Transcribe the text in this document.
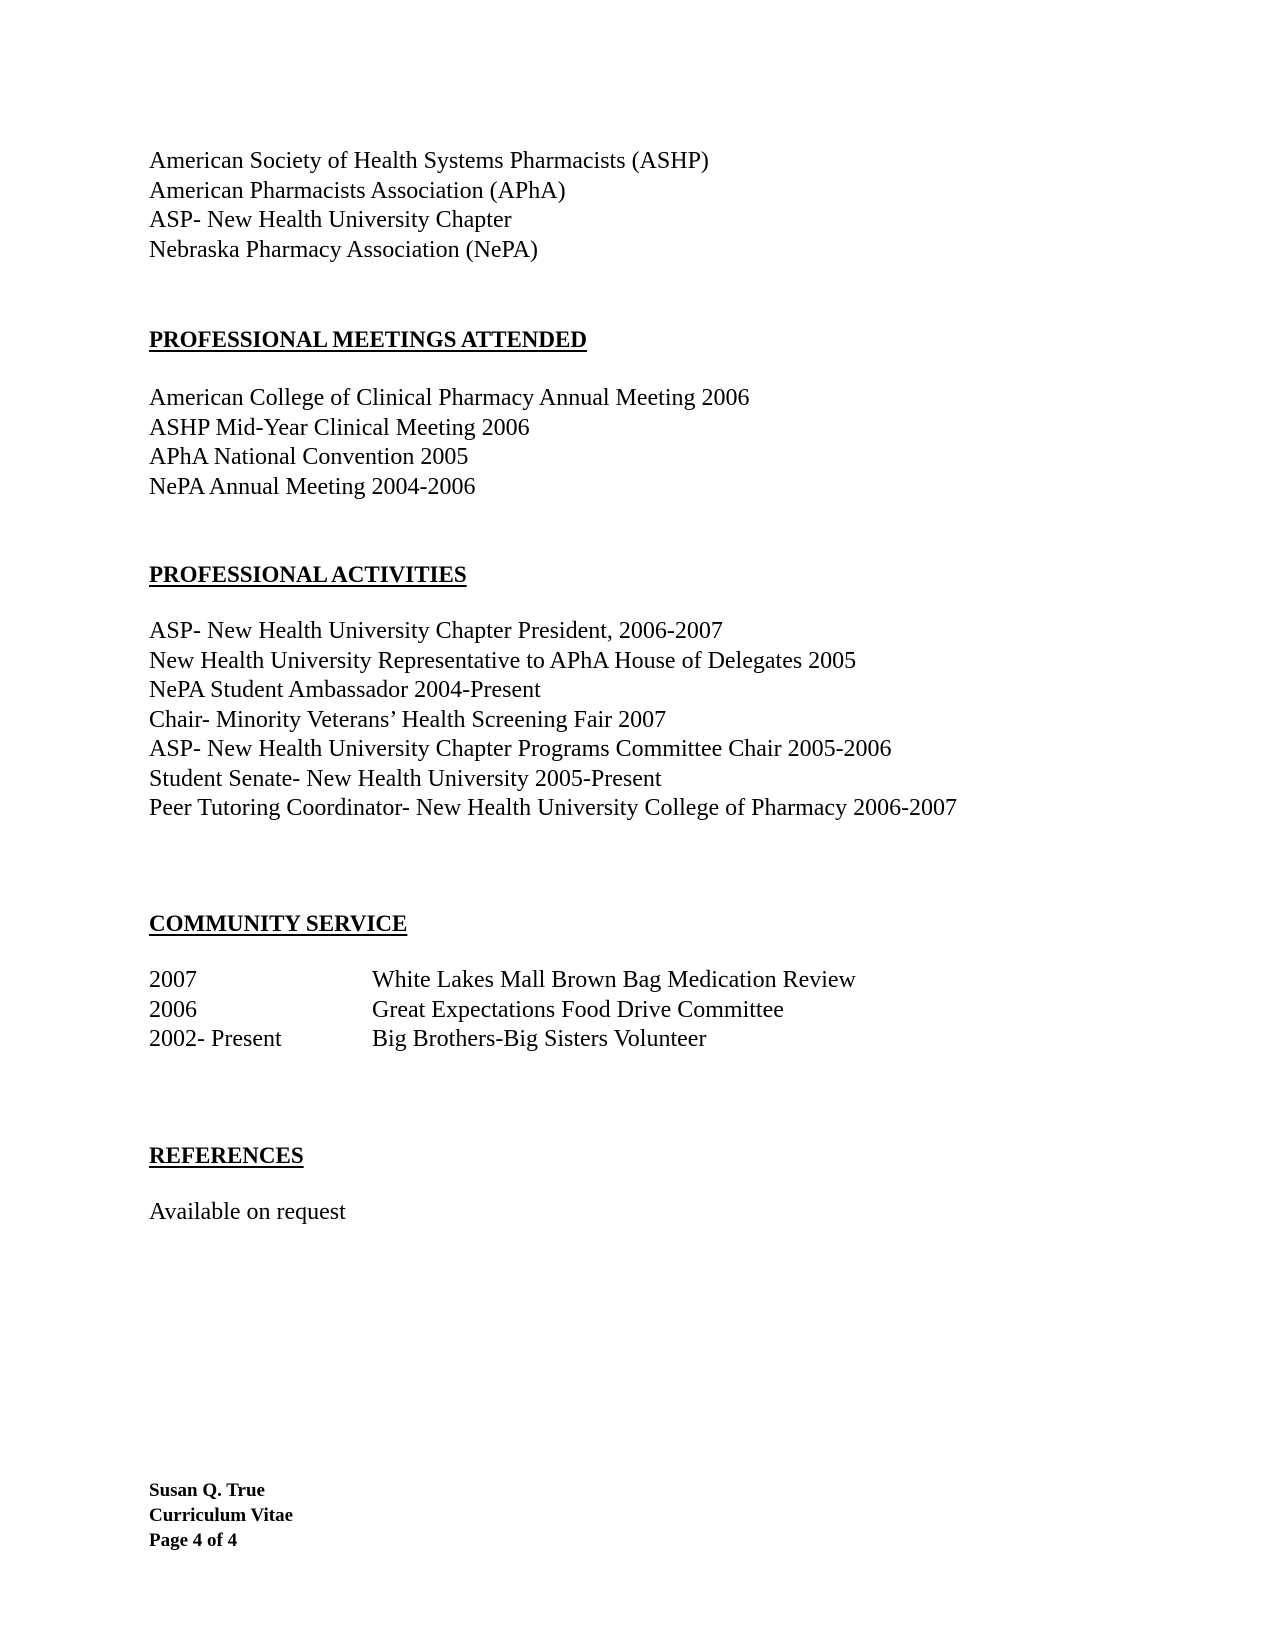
American Society of Health Systems Pharmacists (ASHP)

American Pharmacists Association (APhA)

ASP- New Health University Chapter

Nebraska Pharmacy Association (NePA)

PROFESSIONAL MEETINGS ATTENDED

American College of Clinical Pharmacy Annual Meeting 2006

ASHP Mid-Year Clinical Meeting 2006

APhA National Convention 2005

NePA Annual Meeting 2004-2006

PROFESSIONAL ACTIVITIES

ASP- New Health University Chapter President, 2006-2007

New Health University Representative to APhA House of Delegates 2005

NePA Student Ambassador 2004-Present

Chair- Minority Veterans’ Health Screening Fair 2007

ASP- New Health University Chapter Programs Committee Chair 2005-2006

Student Senate- New Health University 2005-Present

Peer Tutoring Coordinator- New Health University College of Pharmacy 2006-2007

COMMUNITY SERVICE

2007	White Lakes Mall Brown Bag Medication Review
2006	Great Expectations Food Drive Committee
2002- Present	Big Brothers-Big Sisters Volunteer

REFERENCES

Available on request

Susan Q. True

Curriculum Vitae

Page 4 of 4
